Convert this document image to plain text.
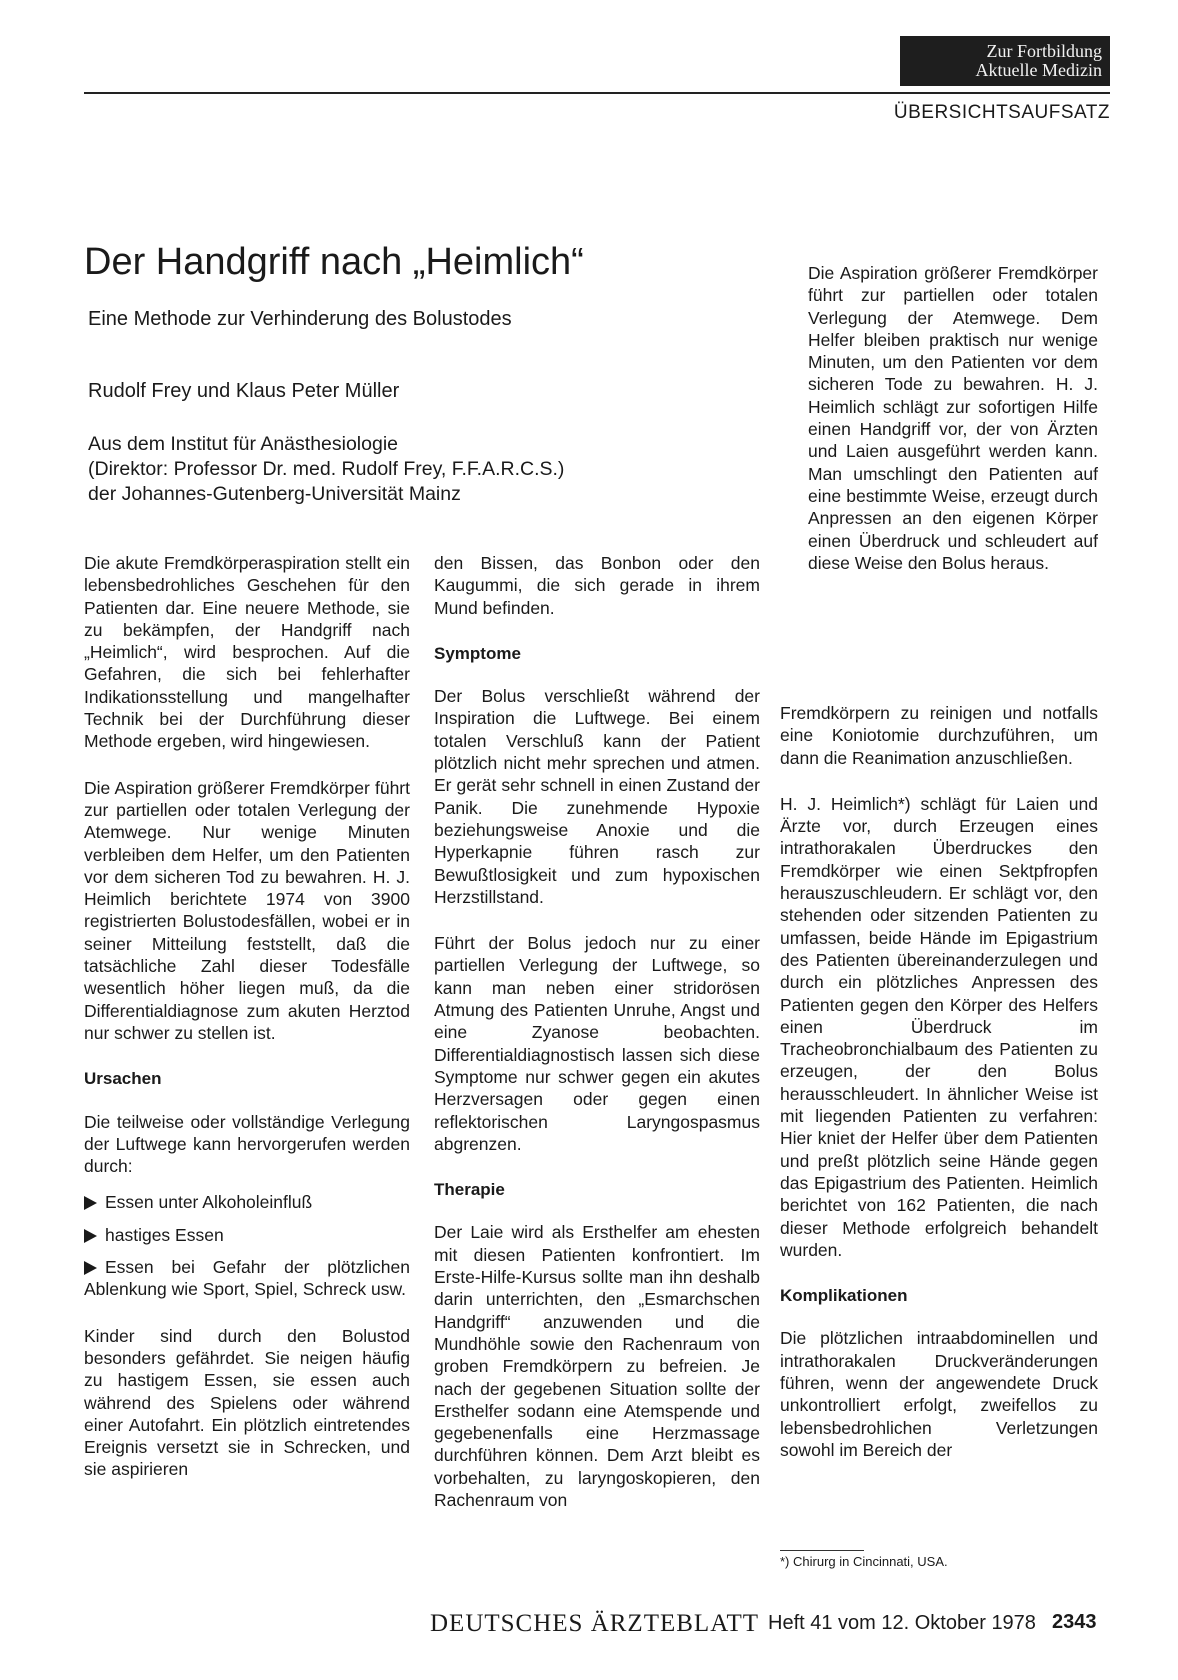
Zur Fortbildung
Aktuelle Medizin
ÜBERSICHTSAUFSATZ
Der Handgriff nach „Heimlich“
Eine Methode zur Verhinderung des Bolustodes
Rudolf Frey und Klaus Peter Müller
Aus dem Institut für Anästhesiologie
(Direktor: Professor Dr. med. Rudolf Frey, F.F.A.R.C.S.)
der Johannes-Gutenberg-Universität Mainz

Die Aspiration größerer Fremdkörper führt zur partiellen oder totalen Verlegung der Atemwege. Dem Helfer bleiben praktisch nur wenige Minuten, um den Patienten vor dem sicheren Tode zu bewahren. H. J. Heimlich schlägt zur sofortigen Hilfe einen Handgriff vor, der von Ärzten und Laien ausgeführt werden kann. Man umschlingt den Patienten auf eine bestimmte Weise, erzeugt durch Anpressen an den eigenen Körper einen Überdruck und schleudert auf diese Weise den Bolus heraus.

Die akute Fremdkörperaspiration stellt ein lebensbedrohliches Geschehen für den Patienten dar. Eine neuere Methode, sie zu bekämpfen, der Handgriff nach „Heimlich“, wird besprochen. Auf die Gefahren, die sich bei fehlerhafter Indikationsstellung und mangelhafter Technik bei der Durchführung dieser Methode ergeben, wird hingewiesen.

Die Aspiration größerer Fremdkörper führt zur partiellen oder totalen Verlegung der Atemwege. Nur wenige Minuten verbleiben dem Helfer, um den Patienten vor dem sicheren Tod zu bewahren. H. J. Heimlich berichtete 1974 von 3900 registrierten Bolustodesfällen, wobei er in seiner Mitteilung feststellt, daß die tatsächliche Zahl dieser Todesfälle wesentlich höher liegen muß, da die Differentialdiagnose zum akuten Herztod nur schwer zu stellen ist.

Ursachen

Die teilweise oder vollständige Verlegung der Luftwege kann hervorgerufen werden durch:

Essen unter Alkoholeinfluß
hastiges Essen
Essen bei Gefahr der plötzlichen Ablenkung wie Sport, Spiel, Schreck usw.

Kinder sind durch den Bolustod besonders gefährdet. Sie neigen häufig zu hastigem Essen, sie essen auch während des Spielens oder während einer Autofahrt. Ein plötzlich eintretendes Ereignis versetzt sie in Schrecken, und sie aspirieren

den Bissen, das Bonbon oder den Kaugummi, die sich gerade in ihrem Mund befinden.

Symptome

Der Bolus verschließt während der Inspiration die Luftwege. Bei einem totalen Verschluß kann der Patient plötzlich nicht mehr sprechen und atmen. Er gerät sehr schnell in einen Zustand der Panik. Die zunehmende Hypoxie beziehungsweise Anoxie und die Hyperkapnie führen rasch zur Bewußtlosigkeit und zum hypoxischen Herzstillstand.

Führt der Bolus jedoch nur zu einer partiellen Verlegung der Luftwege, so kann man neben einer stridorösen Atmung des Patienten Unruhe, Angst und eine Zyanose beobachten. Differentialdiagnostisch lassen sich diese Symptome nur schwer gegen ein akutes Herzversagen oder gegen einen reflektorischen Laryngospasmus abgrenzen.

Therapie

Der Laie wird als Ersthelfer am ehesten mit diesen Patienten konfrontiert. Im Erste-Hilfe-Kursus sollte man ihn deshalb darin unterrichten, den „Esmarchschen Handgriff“ anzuwenden und die Mundhöhle sowie den Rachenraum von groben Fremdkörpern zu befreien. Je nach der gegebenen Situation sollte der Ersthelfer sodann eine Atemspende und gegebenenfalls eine Herzmassage durchführen können. Dem Arzt bleibt es vorbehalten, zu laryngoskopieren, den Rachenraum von

Fremdkörpern zu reinigen und notfalls eine Koniotomie durchzuführen, um dann die Reanimation anzuschließen.

H. J. Heimlich*) schlägt für Laien und Ärzte vor, durch Erzeugen eines intrathorakalen Überdruckes den Fremdkörper wie einen Sektpfropfen herauszuschleudern. Er schlägt vor, den stehenden oder sitzenden Patienten zu umfassen, beide Hände im Epigastrium des Patienten übereinanderzulegen und durch ein plötzliches Anpressen des Patienten gegen den Körper des Helfers einen Überdruck im Tracheobronchialbaum des Patienten zu erzeugen, der den Bolus herausschleudert. In ähnlicher Weise ist mit liegenden Patienten zu verfahren: Hier kniet der Helfer über dem Patienten und preßt plötzlich seine Hände gegen das Epigastrium des Patienten. Heimlich berichtet von 162 Patienten, die nach dieser Methode erfolgreich behandelt wurden.

Komplikationen

Die plötzlichen intraabdominellen und intrathorakalen Druckveränderungen führen, wenn der angewendete Druck unkontrolliert erfolgt, zweifellos zu lebensbedrohlichen Verletzungen sowohl im Bereich der

*) Chirurg in Cincinnati, USA.
DEUTSCHES ÄRZTEBLATT Heft 41 vom 12. Oktober 1978 2343
